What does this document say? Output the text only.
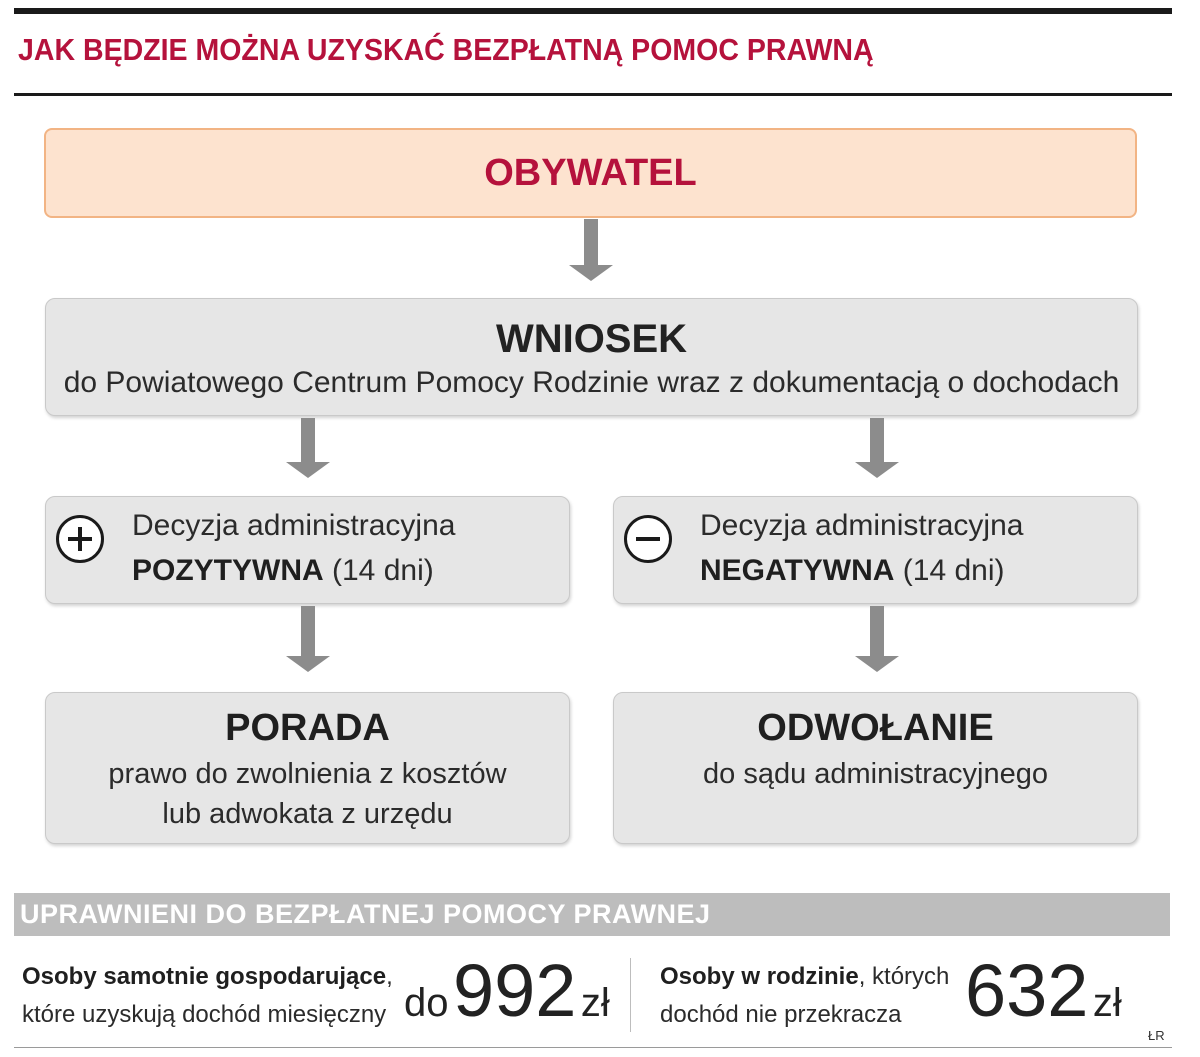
JAK BĘDZIE MOŻNA UZYSKAĆ BEZPŁATNĄ POMOC PRAWNĄ
OBYWATEL
WNIOSEK
do Powiatowego Centrum Pomocy Rodzinie wraz z dokumentacją o dochodach
Decyzja administracyjna
POZYTYWNA (14 dni)
Decyzja administracyjna
NEGATYWNA (14 dni)
PORADA
prawo do zwolnienia z kosztów
lub adwokata z urzędu
ODWOŁANIE
do sądu administracyjnego
UPRAWNIENI DO BEZPŁATNEJ POMOCY PRAWNEJ
Osoby samotnie gospodarujące,
które uzyskują dochód miesięczny do 992 zł
Osoby w rodzinie, których
dochód nie przekracza 632 zł
ŁR
